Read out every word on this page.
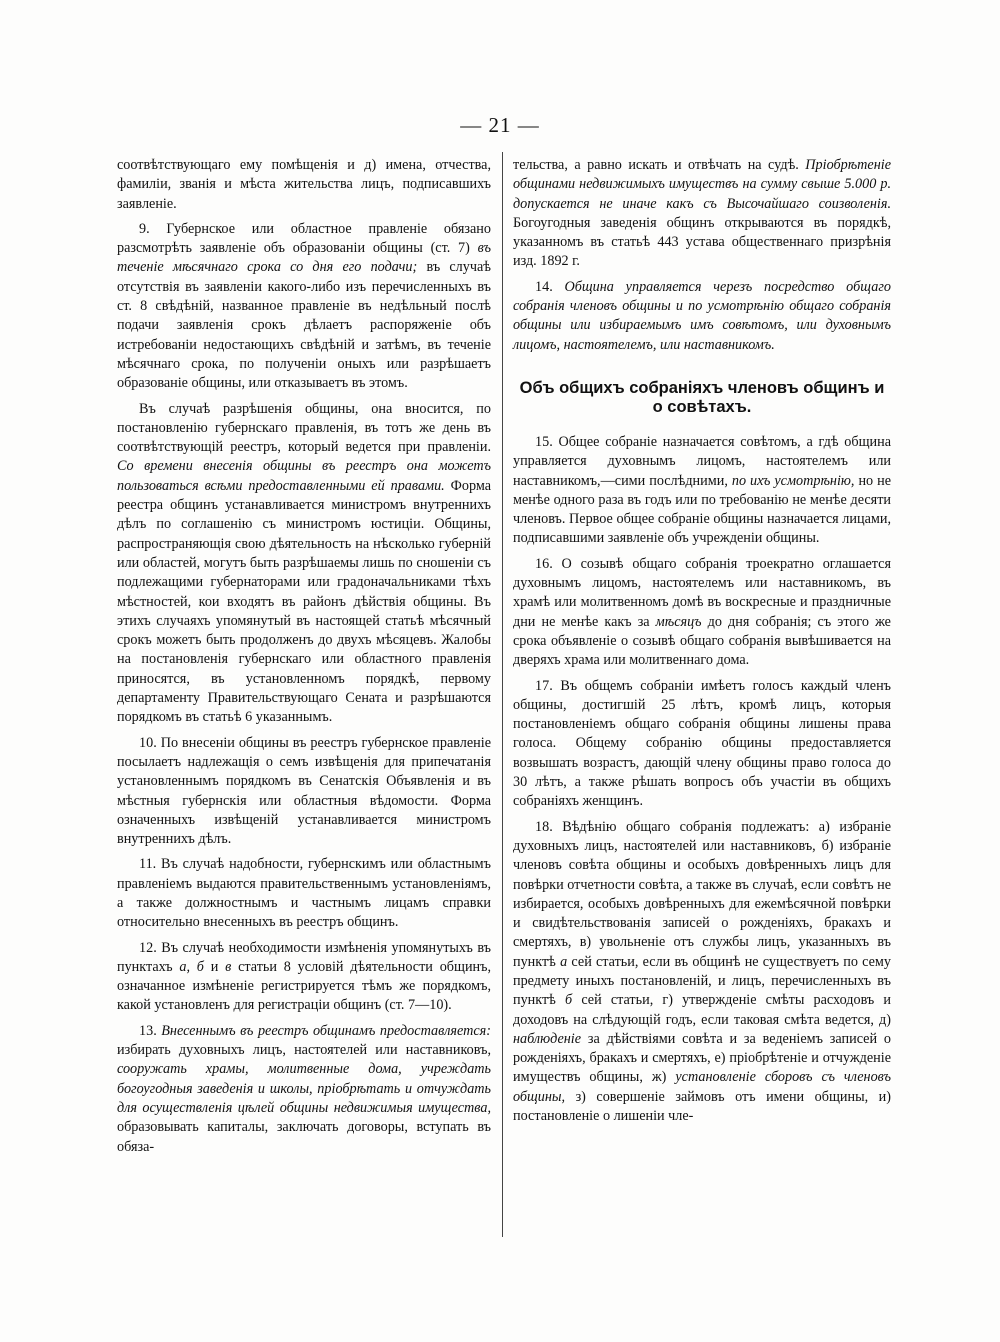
— 21 —

соотвѣтствующаго ему помѣщенія и д) имена, отчества, фамиліи, званія и мѣста жительства лицъ, подписавшихъ заявленіе.

9. Губернское или областное правленіе обязано разсмотрѣть заявленіе объ образованіи общины (ст. 7) въ теченіе мѣсячнаго срока со дня его подачи; въ случаѣ отсутствія въ заявленіи какого-либо изъ перечисленныхъ въ ст. 8 свѣдѣній, названное правленіе въ недѣльный послѣ подачи заявленія срокъ дѣлаетъ распоряженіе объ истребованіи недостающихъ свѣдѣній и затѣмъ, въ теченіе мѣсячнаго срока, по полученіи оныхъ или разрѣшаетъ образованіе общины, или отказываетъ въ этомъ.

Въ случаѣ разрѣшенія общины, она вносится, по постановленію губернскаго правленія, въ тотъ же день въ соотвѣтствующій реестръ, который ведется при правленіи. Со времени внесенія общины въ реестръ она можетъ пользоваться всѣми предоставленными ей правами. Форма реестра общинъ устанавливается министромъ внутреннихъ дѣлъ по соглашенію съ министромъ юстиціи. Общины, распространяющія свою дѣятельность на нѣсколько губерній или областей, могутъ быть разрѣшаемы лишь по сношеніи съ подлежащими губернаторами или градоначальниками тѣхъ мѣстностей, кои входятъ въ районъ дѣйствія общины. Въ этихъ случаяхъ упомянутый въ настоящей статьѣ мѣсячный срокъ можетъ быть продолженъ до двухъ мѣсяцевъ. Жалобы на постановленія губернскаго или областного правленія приносятся, въ установленномъ порядкѣ, первому департаменту Правительствующаго Сената и разрѣшаются порядкомъ въ статьѣ 6 указаннымъ.

10. По внесеніи общины въ реестръ губернское правленіе посылаетъ надлежащія о семъ извѣщенія для припечатанія установленнымъ порядкомъ въ Сенатскія Объявленія и въ мѣстныя губернскія или областныя вѣдомости. Форма означенныхъ извѣщеній устанавливается министромъ внутреннихъ дѣлъ.

11. Въ случаѣ надобности, губернскимъ или областнымъ правленіемъ выдаются правительственнымъ установленіямъ, а также должностнымъ и частнымъ лицамъ справки относительно внесенныхъ въ реестръ общинъ.

12. Въ случаѣ необходимости измѣненія упомянутыхъ въ пунктахъ а, б и в статьи 8 условій дѣятельности общинъ, означанное измѣненіе регистрируется тѣмъ же порядкомъ, какой установленъ для регистраціи общинъ (ст. 7—10).

13. Внесеннымъ въ реестръ общинамъ предоставляется: избирать духовныхъ лицъ, настоятелей или наставниковъ, сооружать храмы, молитвенные дома, учреждать богоугодныя заведенія и школы, пріобрѣтать и отчуждать для осуществленія цѣлей общины недвижимыя имущества, образовывать капиталы, заключать договоры, вступать въ обяза-

тельства, а равно искать и отвѣчать на судѣ. Пріобрѣтеніе общинами недвижимыхъ имуществъ на сумму свыше 5.000 р. допускается не иначе какъ съ Высочайшаго соизволенія. Богоугодныя заведенія общинъ открываются въ порядкѣ, указанномъ въ статьѣ 443 устава общественнаго призрѣнія изд. 1892 г.

14. Община управляется черезъ посредство общаго собранія членовъ общины и по усмотрѣнію общаго собранія общины или избираемымъ имъ совѣтомъ, или духовнымъ лицомъ, настоятелемъ, или наставникомъ.

Объ общихъ собраніяхъ членовъ общинъ и о совѣтахъ.

15. Общее собраніе назначается совѣтомъ, а гдѣ община управляется духовнымъ лицомъ, настоятелемъ или наставникомъ,—сими послѣдними, по ихъ усмотрѣнію, но не менѣе одного раза въ годъ или по требованію не менѣе десяти членовъ. Первое общее собраніе общины назначается лицами, подписавшими заявленіе объ учрежденіи общины.

16. О созывѣ общаго собранія троекратно оглашается духовнымъ лицомъ, настоятелемъ или наставникомъ, въ храмѣ или молитвенномъ домѣ въ воскресные и праздничные дни не менѣе какъ за мѣсяцъ до дня собранія; съ этого же срока объявленіе о созывѣ общаго собранія вывѣшивается на дверяхъ храма или молитвеннаго дома.

17. Въ общемъ собраніи имѣетъ голосъ каждый членъ общины, достигшій 25 лѣтъ, кромѣ лицъ, которыя постановленіемъ общаго собранія общины лишены права голоса. Общему собранію общины предоставляется возвышать возрастъ, дающій члену общины право голоса до 30 лѣтъ, а также рѣшать вопросъ объ участіи въ общихъ собраніяхъ женщинъ.

18. Вѣдѣнію общаго собранія подлежатъ: а) избраніе духовныхъ лицъ, настоятелей или наставниковъ, б) избраніе членовъ совѣта общины и особыхъ довѣренныхъ лицъ для повѣрки отчетности совѣта, а также въ случаѣ, если совѣтъ не избирается, особыхъ довѣренныхъ для ежемѣсячной повѣрки и свидѣтельствованія записей о рожденіяхъ, бракахъ и смертяхъ, в) увольненіе отъ службы лицъ, указанныхъ въ пунктѣ а сей статьи, если въ общинѣ не существуетъ по сему предмету иныхъ постановленій, и лицъ, перечисленныхъ въ пунктѣ б сей статьи, г) утвержденіе смѣты расходовъ и доходовъ на слѣдующій годъ, если таковая смѣта ведется, д) наблюденіе за дѣйствіями совѣта и за веденіемъ записей о рожденіяхъ, бракахъ и смертяхъ, е) пріобрѣтеніе и отчужденіе имуществъ общины, ж) установленіе сборовъ съ членовъ общины, з) совершеніе займовъ отъ имени общины, и) постановленіе о лишеніи чле-
